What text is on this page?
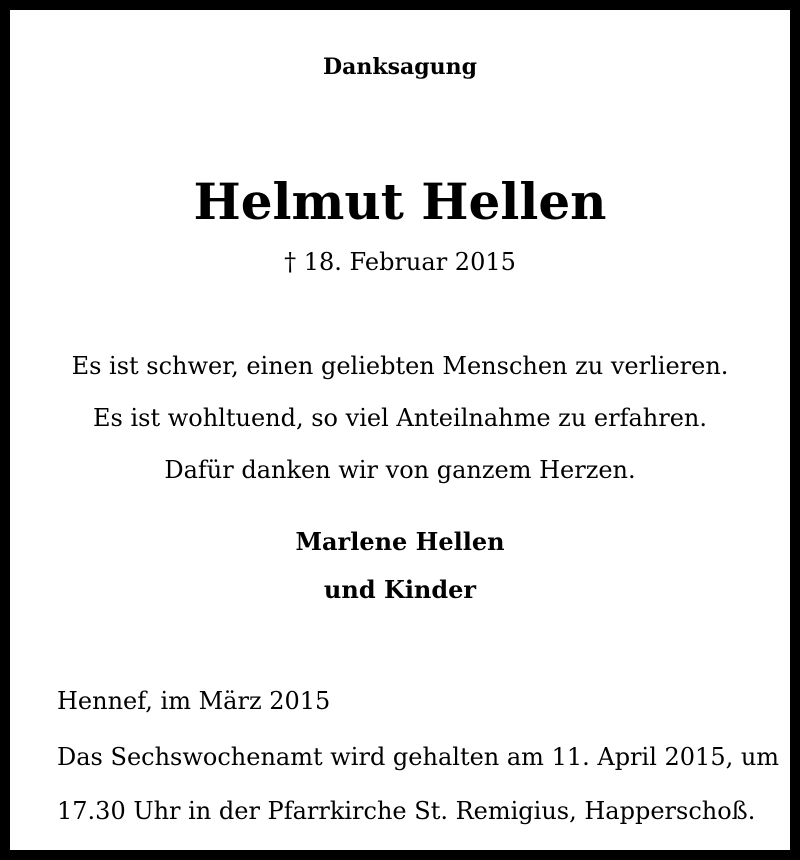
Danksagung
Helmut Hellen
† 18. Februar 2015
Es ist schwer, einen geliebten Menschen zu verlieren.
Es ist wohltuend, so viel Anteilnahme zu erfahren.
Dafür danken wir von ganzem Herzen.
Marlene Hellen
und Kinder
Hennef, im März 2015
Das Sechswochenamt wird gehalten am 11. April 2015, um
17.30 Uhr in der Pfarrkirche St. Remigius, Happerschoß.
